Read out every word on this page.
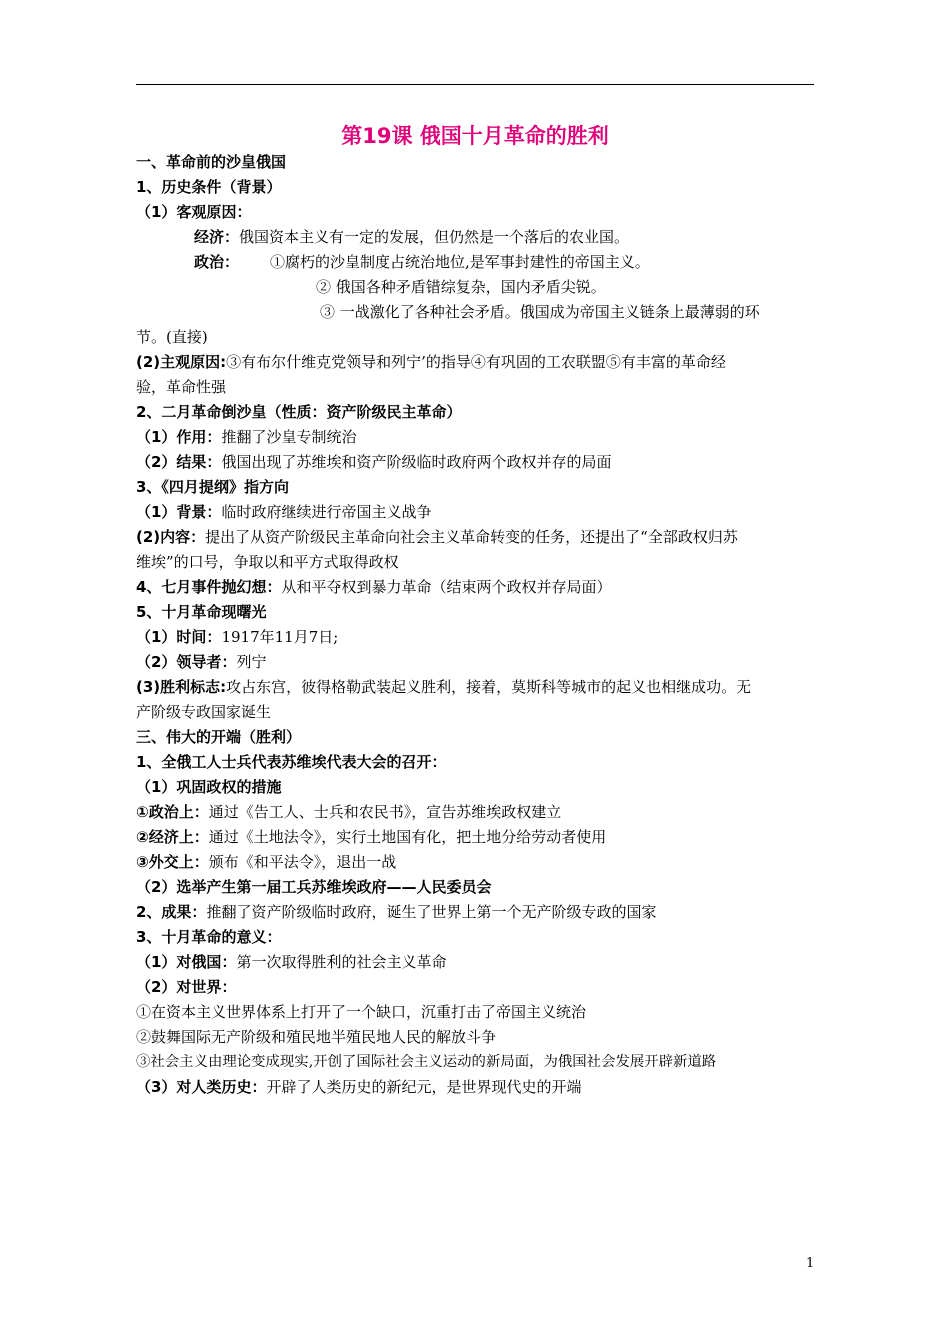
第19课 俄国十月革命的胜利
一、革命前的沙皇俄国
1、历史条件（背景）
（1）客观原因：
经济：俄国资本主义有一定的发展，但仍然是一个落后的农业国。
政治： ①腐朽的沙皇制度占统治地位,是军事封建性的帝国主义。
② 俄国各种矛盾错综复杂，国内矛盾尖锐。
③ 一战激化了各种社会矛盾。俄国成为帝国主义链条上最薄弱的环
节。(直接)
(2)主观原因:③有布尔什维克党领导和列宁’的指导④有巩固的工农联盟⑤有丰富的革命经
验，革命性强
2、二月革命倒沙皇（性质：资产阶级民主革命）
（1）作用：推翻了沙皇专制统治
（2）结果：俄国出现了苏维埃和资产阶级临时政府两个政权并存的局面
3、《四月提纲》指方向
（1）背景：临时政府继续进行帝国主义战争
(2)内容：提出了从资产阶级民主革命向社会主义革命转变的任务，还提出了“全部政权归苏
维埃”的口号，争取以和平方式取得政权
4、七月事件抛幻想：从和平夺权到暴力革命（结束两个政权并存局面）
5、十月革命现曙光
（1）时间：1917年11月7日;
（2）领导者：列宁
(3)胜利标志:攻占东宫，彼得格勒武装起义胜利，接着，莫斯科等城市的起义也相继成功。无
产阶级专政国家诞生
三、伟大的开端（胜利）
1、全俄工人士兵代表苏维埃代表大会的召开：
（1）巩固政权的措施
①政治上：通过《告工人、士兵和农民书》，宣告苏维埃政权建立
②经济上：通过《土地法令》，实行土地国有化，把土地分给劳动者使用
③外交上：颁布《和平法令》，退出一战
（2）选举产生第一届工兵苏维埃政府——人民委员会
2、成果：推翻了资产阶级临时政府，诞生了世界上第一个无产阶级专政的国家
3、十月革命的意义：
（1）对俄国：第一次取得胜利的社会主义革命
（2）对世界：
①在资本主义世界体系上打开了一个缺口，沉重打击了帝国主义统治
②鼓舞国际无产阶级和殖民地半殖民地人民的解放斗争
③社会主义由理论变成现实,开创了国际社会主义运动的新局面，为俄国社会发展开辟新道路
（3）对人类历史：开辟了人类历史的新纪元，是世界现代史的开端
1
